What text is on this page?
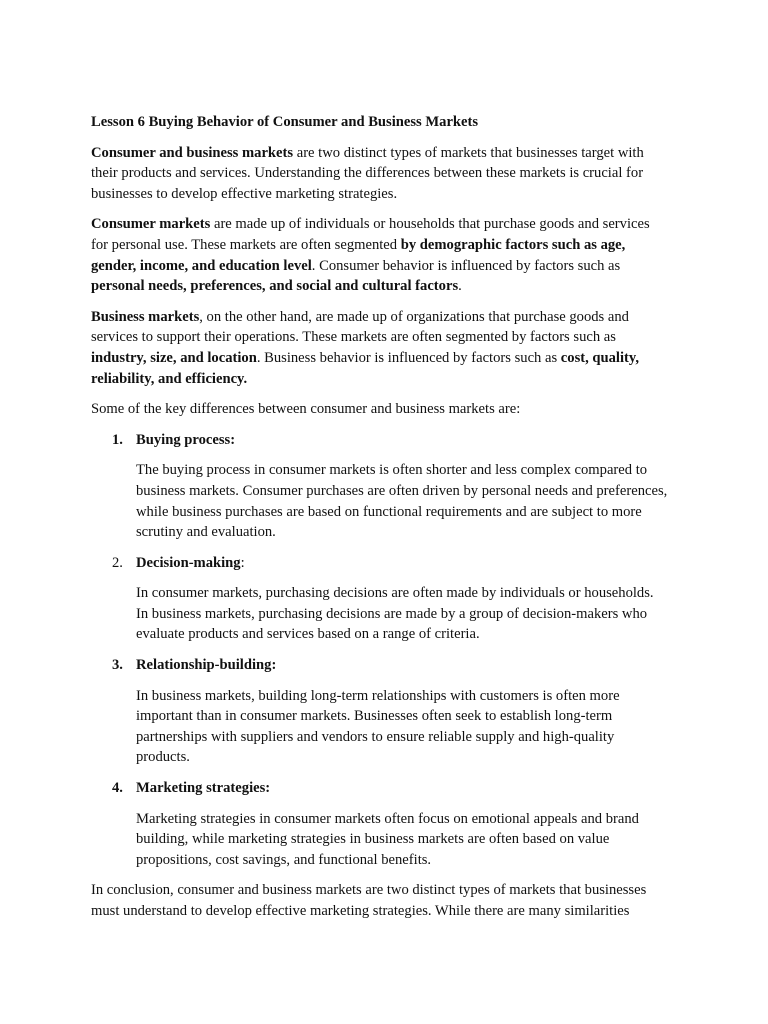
Lesson 6 Buying Behavior of Consumer and Business Markets

Consumer and business markets are two distinct types of markets that businesses target with their products and services. Understanding the differences between these markets is crucial for businesses to develop effective marketing strategies.

Consumer markets are made up of individuals or households that purchase goods and services for personal use. These markets are often segmented by demographic factors such as age, gender, income, and education level. Consumer behavior is influenced by factors such as personal needs, preferences, and social and cultural factors.

Business markets, on the other hand, are made up of organizations that purchase goods and services to support their operations. These markets are often segmented by factors such as industry, size, and location. Business behavior is influenced by factors such as cost, quality, reliability, and efficiency.

Some of the key differences between consumer and business markets are:

1. Buying process:
The buying process in consumer markets is often shorter and less complex compared to business markets. Consumer purchases are often driven by personal needs and preferences, while business purchases are based on functional requirements and are subject to more scrutiny and evaluation.
2. Decision-making:
In consumer markets, purchasing decisions are often made by individuals or households. In business markets, purchasing decisions are made by a group of decision-makers who evaluate products and services based on a range of criteria.
3. Relationship-building:
In business markets, building long-term relationships with customers is often more important than in consumer markets. Businesses often seek to establish long-term partnerships with suppliers and vendors to ensure reliable supply and high-quality products.
4. Marketing strategies:
Marketing strategies in consumer markets often focus on emotional appeals and brand building, while marketing strategies in business markets are often based on value propositions, cost savings, and functional benefits.

In conclusion, consumer and business markets are two distinct types of markets that businesses must understand to develop effective marketing strategies. While there are many similarities
